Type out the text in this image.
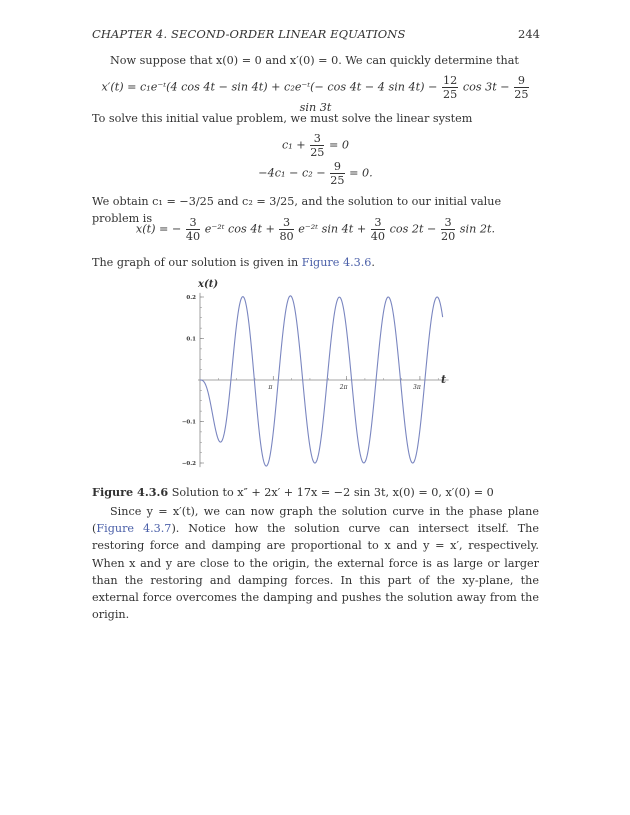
CHAPTER 4. SECOND-ORDER LINEAR EQUATIONS	244
Now suppose that x(0) = 0 and x′(0) = 0. We can quickly determine that
x′(t) = c₁e⁻ᵗ(4 cos 4t − sin 4t) + c₂e⁻ᵗ(− cos 4t − 4 $\sin 4t) - \frac{12}{25}$ $\cos 3t - \frac{9}{25}$
sin 3t
To solve this initial value problem, we must solve the linear system
$c_1 + \frac{3}{25} = 0$
$-4c_1 - c_2 - \frac{9}{25} = 0$.
We obtain c₁ = −3/25 and c₂ = 3/25, and the solution to our initial value problem is
x(t) = − $\frac{3}{40}$ e⁻²ᵗ $\cos 4t + \frac{3}{80}$ e⁻²ᵗ $\sin 4t + \frac{3}{40}$ $\cos 2t - \frac{3}{20}$ sin 2t.
The graph of our solution is given in Figure 4.3.6.
π	2π	3π
0.2
0.1
−0.1
−0.2
x(t)
t
Figure 4.3.6 Solution to x″ + 2x′ + 17x = −2 sin 3t, x(0) = 0, x′(0) = 0
Since y = x′(t), we can now graph the solution curve in the phase plane (Figure 4.3.7). Notice how the solution curve can intersect itself. The restoring force and damping are proportional to x and y = x′, respectively. When x and y are close to the origin, the external force is as large or larger than the restoring and damping forces. In this part of the xy-plane, the external force overcomes the damping and pushes the solution away from the origin.
